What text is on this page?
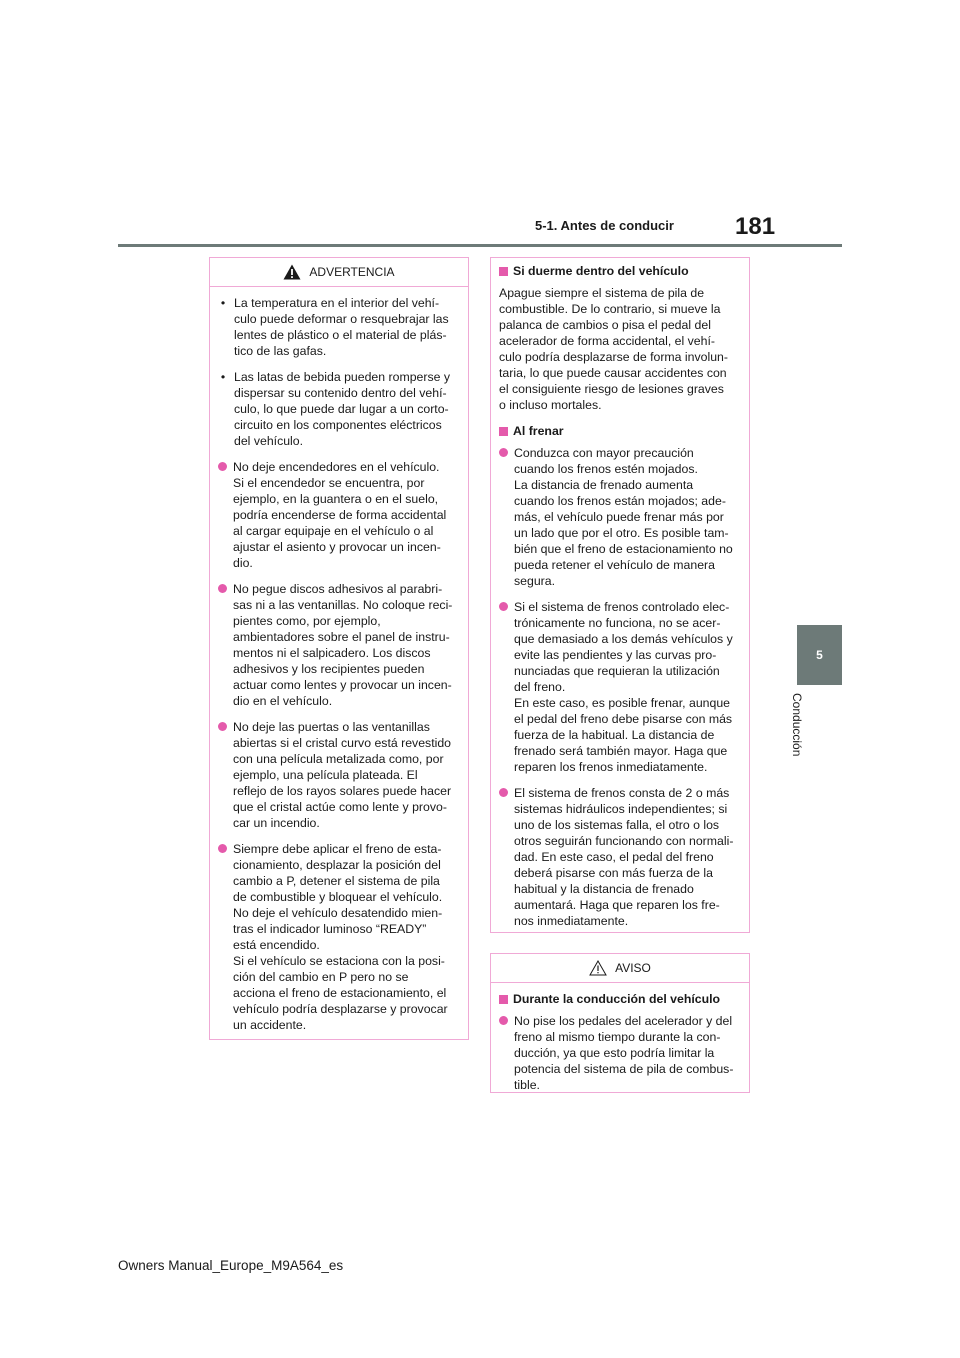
5-1. Antes de conducir	181
5
Conducción
ADVERTENCIA
• La temperatura en el interior del vehí-
culo puede deformar o resquebrajar las
lentes de plástico o el material de plás-
tico de las gafas.
• Las latas de bebida pueden romperse y
dispersar su contenido dentro del vehí-
culo, lo que puede dar lugar a un corto-
circuito en los componentes eléctricos
del vehículo.
No deje encendedores en el vehículo.
Si el encendedor se encuentra, por
ejemplo, en la guantera o en el suelo,
podría encenderse de forma accidental
al cargar equipaje en el vehículo o al
ajustar el asiento y provocar un incen-
dio.
No pegue discos adhesivos al parabri-
sas ni a las ventanillas. No coloque reci-
pientes como, por ejemplo,
ambientadores sobre el panel de instru-
mentos ni el salpicadero. Los discos
adhesivos y los recipientes pueden
actuar como lentes y provocar un incen-
dio en el vehículo.
No deje las puertas o las ventanillas
abiertas si el cristal curvo está revestido
con una película metalizada como, por
ejemplo, una película plateada. El
reflejo de los rayos solares puede hacer
que el cristal actúe como lente y provo-
car un incendio.
Siempre debe aplicar el freno de esta-
cionamiento, desplazar la posición del
cambio a P, detener el sistema de pila
de combustible y bloquear el vehículo.
No deje el vehículo desatendido mien-
tras el indicador luminoso “READY”
está encendido.
Si el vehículo se estaciona con la posi-
ción del cambio en P pero no se
acciona el freno de estacionamiento, el
vehículo podría desplazarse y provocar
un accidente.
Si duerme dentro del vehículo
Apague siempre el sistema de pila de
combustible. De lo contrario, si mueve la
palanca de cambios o pisa el pedal del
acelerador de forma accidental, el vehí-
culo podría desplazarse de forma involun-
taria, lo que puede causar accidentes con
el consiguiente riesgo de lesiones graves
o incluso mortales.
Al frenar
Conduzca con mayor precaución
cuando los frenos estén mojados.
La distancia de frenado aumenta
cuando los frenos están mojados; ade-
más, el vehículo puede frenar más por
un lado que por el otro. Es posible tam-
bién que el freno de estacionamiento no
pueda retener el vehículo de manera
segura.
Si el sistema de frenos controlado elec-
trónicamente no funciona, no se acer-
que demasiado a los demás vehículos y
evite las pendientes y las curvas pro-
nunciadas que requieran la utilización
del freno.
En este caso, es posible frenar, aunque
el pedal del freno debe pisarse con más
fuerza de la habitual. La distancia de
frenado será también mayor. Haga que
reparen los frenos inmediatamente.
El sistema de frenos consta de 2 o más
sistemas hidráulicos independientes; si
uno de los sistemas falla, el otro o los
otros seguirán funcionando con normali-
dad. En este caso, el pedal del freno
deberá pisarse con más fuerza de la
habitual y la distancia de frenado
aumentará. Haga que reparen los fre-
nos inmediatamente.
AVISO
Durante la conducción del vehículo
No pise los pedales del acelerador y del
freno al mismo tiempo durante la con-
ducción, ya que esto podría limitar la
potencia del sistema de pila de combus-
tible.
Owners Manual_Europe_M9A564_es
